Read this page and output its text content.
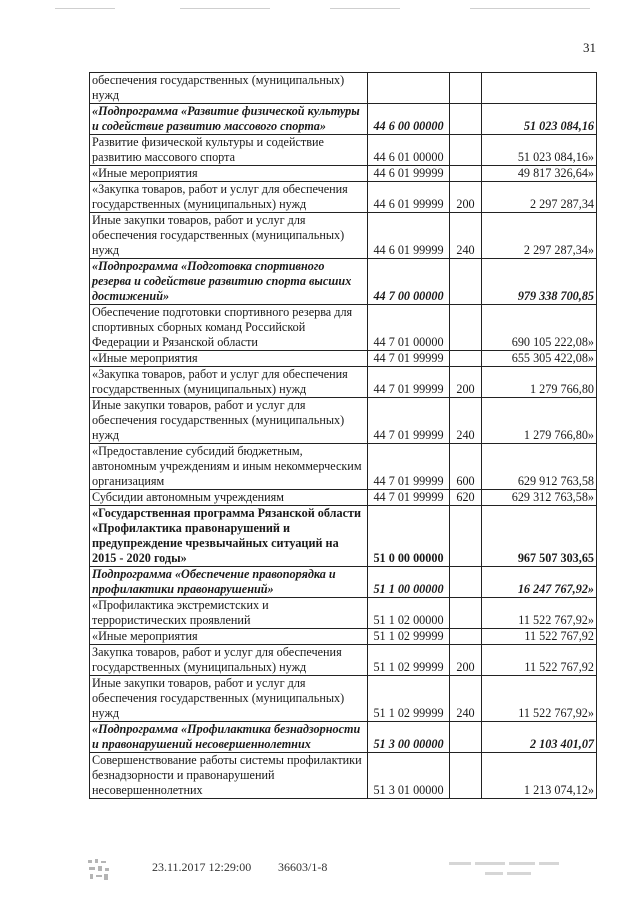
31
обеспечения государственных (муниципальных) нужд			
«Подпрограмма «Развитие физической культуры и содействие развитию массового спорта»	44 6 00 00000		51 023 084,16
Развитие физической культуры и содействие развитию массового спорта	44 6 01 00000		51 023 084,16»
«Иные мероприятия	44 6 01 99999		49 817 326,64»
«Закупка товаров, работ и услуг для обеспечения государственных (муниципальных) нужд	44 6 01 99999	200	2 297 287,34
Иные закупки товаров, работ и услуг для обеспечения государственных (муниципальных) нужд	44 6 01 99999	240	2 297 287,34»
«Подпрограмма «Подготовка спортивного резерва и содействие развитию спорта высших достижений»	44 7 00 00000		979 338 700,85
Обеспечение подготовки спортивного резерва для спортивных сборных команд Российской Федерации и Рязанской области	44 7 01 00000		690 105 222,08»
«Иные мероприятия	44 7 01 99999		655 305 422,08»
«Закупка товаров, работ и услуг для обеспечения государственных (муниципальных) нужд	44 7 01 99999	200	1 279 766,80
Иные закупки товаров, работ и услуг для обеспечения государственных (муниципальных) нужд	44 7 01 99999	240	1 279 766,80»
«Предоставление субсидий бюджетным, автономным учреждениям и иным некоммерческим организациям	44 7 01 99999	600	629 912 763,58
Субсидии автономным учреждениям	44 7 01 99999	620	629 312 763,58»
«Государственная программа Рязанской области «Профилактика правонарушений и предупреждение чрезвычайных ситуаций на 2015 - 2020 годы»	51 0 00 00000		967 507 303,65
Подпрограмма «Обеспечение правопорядка и профилактики правонарушений»	51 1 00 00000		16 247 767,92»
«Профилактика экстремистских и террористических проявлений	51 1 02 00000		11 522 767,92»
«Иные мероприятия	51 1 02 99999		11 522 767,92
Закупка товаров, работ и услуг для обеспечения государственных (муниципальных) нужд	51 1 02 99999	200	11 522 767,92
Иные закупки товаров, работ и услуг для обеспечения государственных (муниципальных) нужд	51 1 02 99999	240	11 522 767,92»
«Подпрограмма «Профилактика безнадзорности и правонарушений несовершеннолетних	51 3 00 00000		2 103 401,07
Совершенствование работы системы профилактики безнадзорности и правонарушений несовершеннолетних	51 3 01 00000		1 213 074,12»
23.11.2017 12:29:00 36603/1-8
